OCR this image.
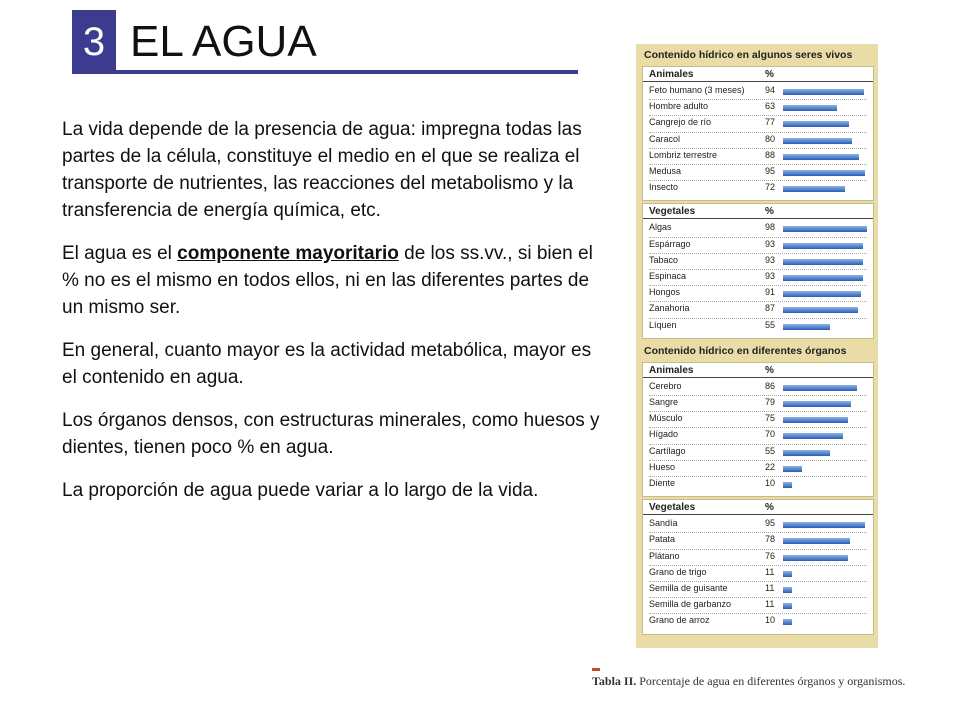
3 EL AGUA

La vida depende de la presencia de agua: impregna todas las partes de la célula, constituye el medio en el que se realiza el transporte de nutrientes, las reacciones del metabolismo y la transferencia de energía química, etc.

El agua es el componente mayoritario de los ss.vv., si bien el % no es el mismo en todos ellos, ni en las diferentes partes de un mismo ser.

En general, cuanto mayor es la actividad metabólica, mayor es el contenido en agua.

Los órganos densos, con estructuras minerales, como huesos y dientes, tienen poco % en agua.

La proporción de agua puede variar a lo largo de la vida.

Contenido hídrico en algunos seres vivos
Animales	%
Feto humano (3 meses) 94
Hombre adulto	63
Cangrejo de río	77
Caracol	80
Lombriz terrestre	88
Medusa	95
Insecto	72
Vegetales	%
Algas	98
Espárrago	93
Tabaco	93
Espinaca	93
Hongos	91
Zanahoria	87
Líquen	55
Contenido hídrico en diferentes órganos
Animales	%
Cerebro	86
Sangre	79
Músculo	75
Hígado	70
Cartílago	55
Hueso	22
Diente	10
Vegetales	%
Sandía	95
Patata	78
Plátano	76
Grano de trigo	11
Semilla de guisante	11
Semilla de garbanzo	11
Grano de arroz	10
Tabla II. Porcentaje de agua en diferentes órganos y organismos.
